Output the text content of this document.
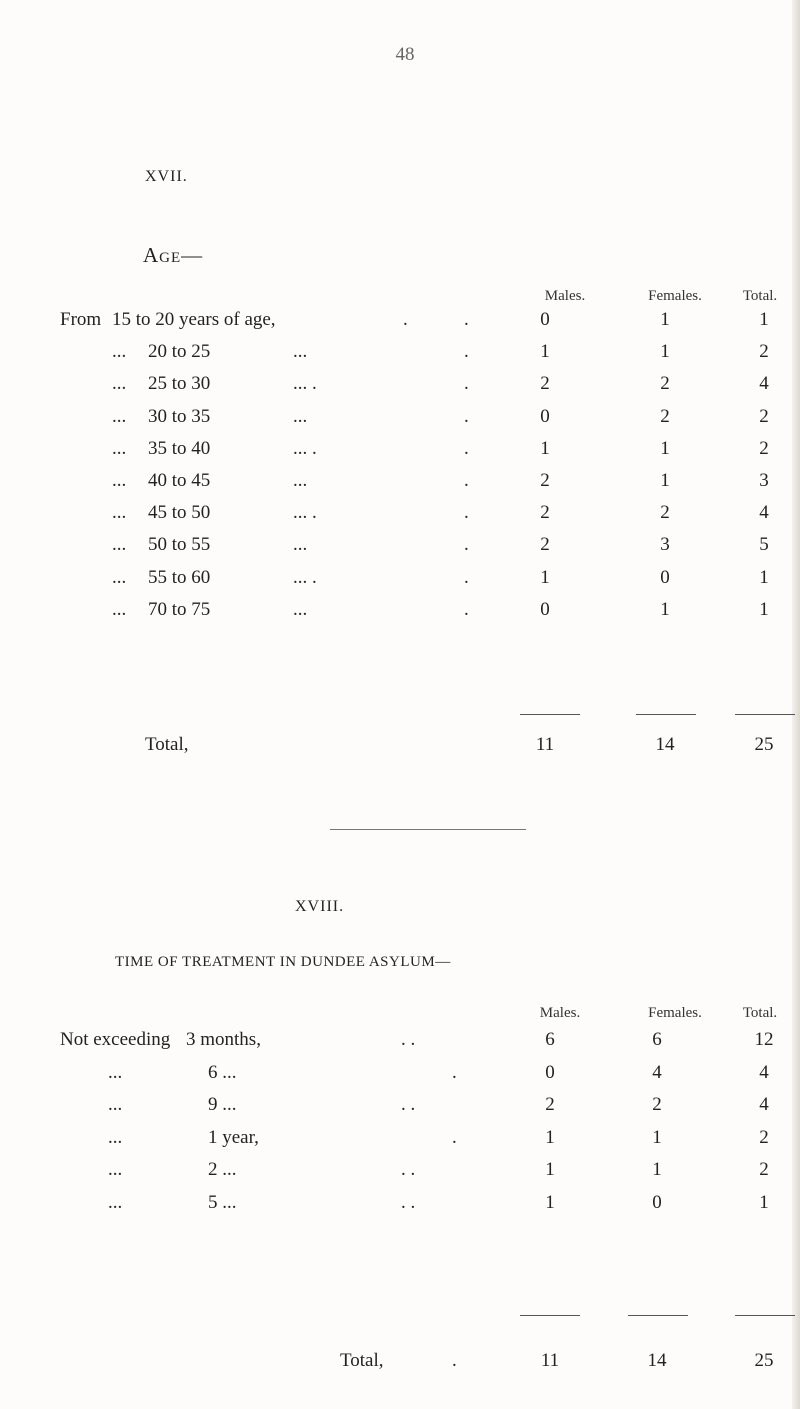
48
XVII.
Age—
Males.	Females.	Total.
From 15 to 20 years of age,	.	.	0	1	1
... 20 to 25	...	.	1	1	2
... 25 to 30	... .	.	2	2	4
... 30 to 35	...	.	0	2	2
... 35 to 40	... .	.	1	1	2
... 40 to 45	...	.	2	1	3
... 45 to 50	... .	.	2	2	4
... 50 to 55	...	.	2	3	5
... 55 to 60	... .	.	1	0	1
... 70 to 75	...	.	0	1	1
Total,	11	14	25
XVIII.
TIME OF TREATMENT IN DUNDEE ASYLUM—
Males.	Females.	Total.
Not exceeding 3 months,	. .	6	6	12
...	6 ...	.	0	4	4
...	9 ...	. .	2	2	4
...	1 year,	.	1	1	2
...	2 ...	. .	1	1	2
...	5 ...	. .	1	0	1
Total,	.	11	14	25
